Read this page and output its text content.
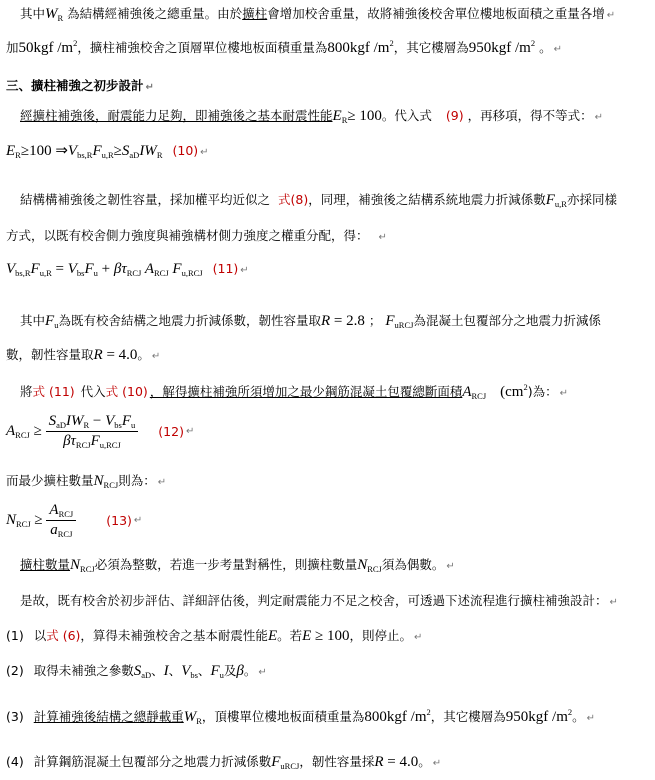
其中$W_R$ 為結構經補強後之總重量。由於擴柱會增加校舍重量，故將補強後校舍單位樓地板面積之重量各增 ↵
加50kgf $/m^2$，擴柱補強校舍之頂層單位樓地板面積重量為800kgf $/m^2$，其它樓層為950kgf $/m^2$ 。 ↵
三、擴柱補強之初步設計 ↵
經擴柱補強後，耐震能力足夠，即補強後之基本耐震性能$E_R\ge 100$。代入式 (9) ，再移項，得不等式： ↵
$E_R\ge 100$ $\Rightarrow V_{bs,R}F_{u,R}\ge S_{aD}IW_R$ (10) ↵
結構構補強後之韌性容量，採加權平均近似之 式(8)，同理，補強後之結構系統地震力折減係數$F_{u,R}$亦採同樣
方式，以既有校舍側力強度與補強構材側力強度之權重分配，得： ↵
$V_{bs,R}F_{u,R} = V_{bs}F_u + \beta\tau_{RCJ}$ $A_{RCJ}$ $F_{u,RCJ}$ (11) ↵
其中$F_u$為既有校舍結構之地震力折減係數，韌性容量取R = 2.8 ； $F_{uRCJ}$為混凝土包覆部分之地震力折減係
數，韌性容量取R = 4.0。 ↵
將式 (11) 代入式 (10) ，解得擴柱補強所須增加之最少鋼筋混凝土包覆總斷面積$A_{RCJ}$ $(cm^2)$為： ↵
$A_{RCJ} \ge \frac{S_{aD}IW_R - V_{bs}F_u}{\beta\tau_{RCJ}F_{u,RCJ}} (12)$ ↵
而最少擴柱數量$N_{RCJ}$則為： ↵
$N_{RCJ} \ge \frac{A_{RCJ}}{a_{RCJ}} (13)$ ↵
擴柱數量$N_{RCJ}$必須為整數，若進一步考量對稱性，則擴柱數量$N_{RCJ}$須為偶數。 ↵
是故，既有校舍於初步評估、詳細評估後，判定耐震能力不足之校舍，可透過下述流程進行擴柱補強設計： ↵
(1) 以式 (6)，算得未補強校舍之基本耐震性能E。若E ≥ 100，則停止。 ↵
(2) 取得未補強之參數$S_{aD}$、I、$V_{bs}$、$F_u$及β。 ↵
(3) 計算補強後結構之總靜載重$W_R$，頂樓單位樓地板面積重量為800kgf $/m^2$，其它樓層為950kgf $/m^2$。 ↵
(4) 計算鋼筋混凝土包覆部分之地震力折減係數$F_{uRCJ}$，韌性容量採R = 4.0。 ↵
